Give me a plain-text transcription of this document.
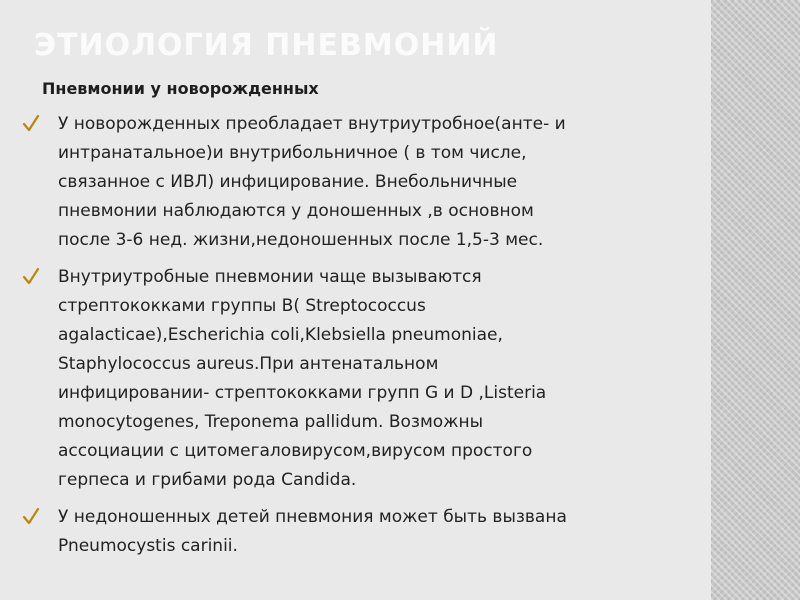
ЭТИОЛОГИЯ ПНЕВМОНИЙ
Пневмонии у новорожденных
У новорожденных преобладает внутриутробное(анте- и
интранатальное)и внутрибольничное ( в том числе,
связанное с ИВЛ) инфицирование. Внебольничные
пневмонии наблюдаются у доношенных ,в основном
после 3-6 нед. жизни,недоношенных после 1,5-3 мес.
Внутриутробные пневмонии чаще вызываются
стрептококками группы В( Streptococcus
agalacticae),Escherichia coli,Klebsiella pneumoniae,
Staphylococcus aureus.При антенатальном
инфицировании- стрептококками групп G и D ,Listeria
monocytogenes, Treponema pallidum. Возможны
ассоциации с цитомегаловирусом,вирусом простого
герпеса и грибами рода Candida.
У недоношенных детей пневмония может быть вызвана
Pneumocystis carinii.
